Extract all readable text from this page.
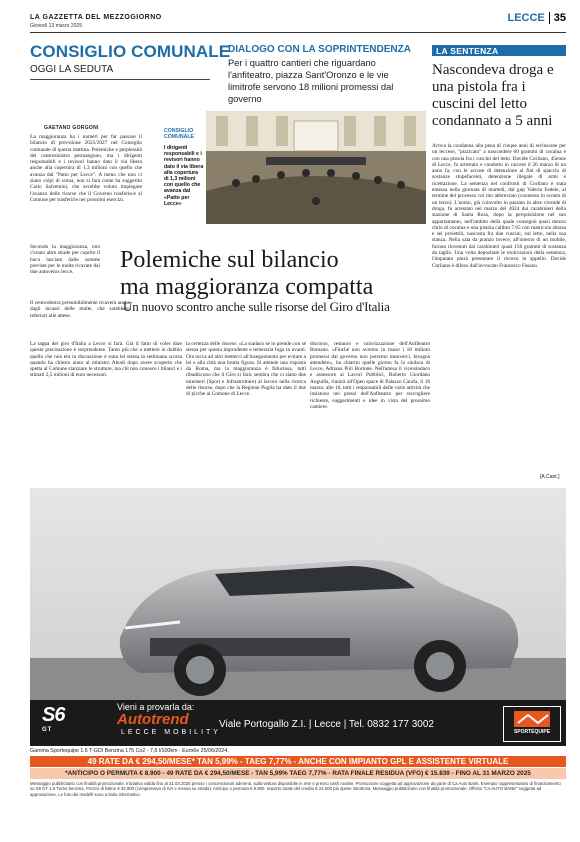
LA GAZZETTA DEL MEZZOGIORNO
Giovedì 13 marzo 2025
LECCE 35
CONSIGLIO COMUNALE
OGGI LA SEDUTA
DIALOGO CON LA SOPRINTENDENZA
Per i quattro cantieri che riguardano l'anfiteatro, piazza Sant'Oronzo e le vie limitrofe servono 18 milioni promessi dal governo
LA SENTENZA
Nascondeva droga e una pistola fra i cuscini del letto condannato a 5 anni
Arriva la condanna alla pena di cinque anni di reclusione per un leccese, "pizzicato" a nascondere 60 grammi di cocaina e con una pistola fra i cuscini del letto. Davide Corliano, 45enne di Lecce, fu arrestato e condotto in carcere il 26 marzo di un anno fa, con le accuse di detenzione ai fini di spaccio di sostanze stupefacenti, detenzione illegale di armi e ricettazione. La sentenza nel confronti di Corliano è stata emessa nella giornata di martedì, dal gup Valeria Fedele, al termine del processo col rito abbreviato (connesso lo sconto di un terzo). L'uomo, già coinvolto in passato in altre vicende di droga, fu arrestato nel marzo del 2024 dai carabinieri della stazione di Santa Rosa, dopo la perquisizione nel suo appartamento, nell'ambito della quale consegnò quasi mezzo chilo di cocaina e una pistola calibro 7.65 con matricola abrasa e sei proiettili, nascosta fra due cuscini, sul letto, nella sua stanza. Nella sala da pranzo invece, all'interno di un mobile, furono rinvenuti dai carabinieri quasi 150 grammi di sostanza da taglio. Una volta depositate le motivazioni della sentenza, l'imputato potrà presentare il ricorso in appello. Davide Corliano è difeso dall'avvocato Francesco Fasano.
GAETANO GORGONI
La maggioranza ha i numeri per far passare il bilancio di previsione 2025/2027 nel Consiglio comunale di questa mattina. Polemiche e perplessità del centrosinistra permangono, ma i dirigenti responsabili e i revisori hanno dato il via libera anche alla copertura di 1,3 milioni con quello che avanza dal "Patto per Lecce". A meno che non ci siano colpi di scena, non si farà come ha suggerito Carlo Salvemini, che avrebbe voluto impiegare l'avanzo delle risorse che il Governo trasferisce al Comune per trasferirle nei prossimi esercizi.
Secondo la maggioranza, non c'erano altre strade per coprire il buco lasciato dalle somme previste per le multe ricavate dai due autovelox lecce.
Il centrodestra presumibilmente ricaverà anche dagli incassi delle multe, che sarebbero inferiori alle attese.
La tappa del giro d'Italia a Lecce si farà. Già il fatto di voler dare questa precisazione è sorprendente. Tanto più che a mettere in dubbio quello che non era in discussione è stata lei stessa la settimana scorsa quando ha chiesto aiuto al ministro Abodi dopo avere scoperto che spetta al Comune stanziare le strutture, ma chi non conosce i bilanci e i stimati 2,5 milioni di euro necessari.
la certezza delle risorse: «La siadaco se lo prende con sé stessa per questa imprudente e temeraria fuga in avanti. Ora tocca ad altri metterci all'inseguimento per evitare a lei e alla città una brutta figura. Si attende una risposta da Roma, ma la maggioranza è fiduciosa, tutti ribadiscono che il Giro si farà: sembra che ci siano due ministeri (Sport e Infrastrutture) al lavoro nella ricerca delle risorse, dopo che la Regione Puglia ha dato il due di picche al Comune di Lecce.
discorso, restauro e valorizzazione dell'Anfiteatro Romano. «Finché non avremo in mano i 18 milioni promessi dal governo non potremo muoverci, bisogna attendere», ha chiarito quelle giorno fa la sindaca di Lecce, Adriana Poli Bortone. Nell'attesa il viceisindaco e assessore ai Lavori Pubblici, Roberto Giordano Anguilla, riunirà all'Open space di Palazzo Carafa, il 18 marzo, alle 10, tutti i responsabili delle varie attività che insistono nei pressi dell'Anfiteatro per raccogliere richieste, suggerimenti e idee in vista del prossimo cantiere.
CONSIGLIO COMUNALE
I dirigenti responsabili e i revisori hanno dato il via libera alla copertura di 1,3 milioni con quello che avanza dal «Patto per Lecce»
Polemiche sul bilancio
ma maggioranza compatta
Un nuovo scontro anche sulle risorse del Giro d'Italia
[A.Cant.]
S6
GT
Vieni a provarla da:
Autotrend
LECCE MOBILITY
Viale Portogallo Z.I. | Lecce | Tel. 0832 177 3002
SPORTEQUIPE
Gamma Sportequipe 1.6 T-GDI Benzina 175 Co2 - 7,6 l/100km - Euro6e 25/06/2024.
49 RATE DA € 294,50/MESE* TAN 5,99% - TAEG 7,77% - ANCHE CON IMPIANTO GPL E ASSISTENTE VIRTUALE
*ANTICIPO O PERMUTA € 8.900 - 49 RATE DA € 294,50/MESE - TAN 5,99% TAEG 7,77% - RATA FINALE RESIDUA (VFG) € 15.839 - FINO AL 31 MARZO 2025
Messaggio pubblicitario con finalità promozionale. Iniziativa valida fino al 31.03.2025 presso i concessionari aderenti, sulla vettura disponibile in rete e presso cash routine. Promozione soggetta ad approvazione da parte di Ca Auto Bank. Esempio rappresentativo di finanziamento su S6 GT 1.6 Turbo benzina. Prezzo di listino € 32.900 (comprensivo di IVA e messa su strada). Anticipo o permuta € 8.900. Importo totale del credito € 24.000 più spese istruttoria. Messaggio pubblicitario con finalità promozionale. Offerta "CA AUTO BANK" soggetta ad approvazione. Le foto dei modelli sono a titolo informativo.
